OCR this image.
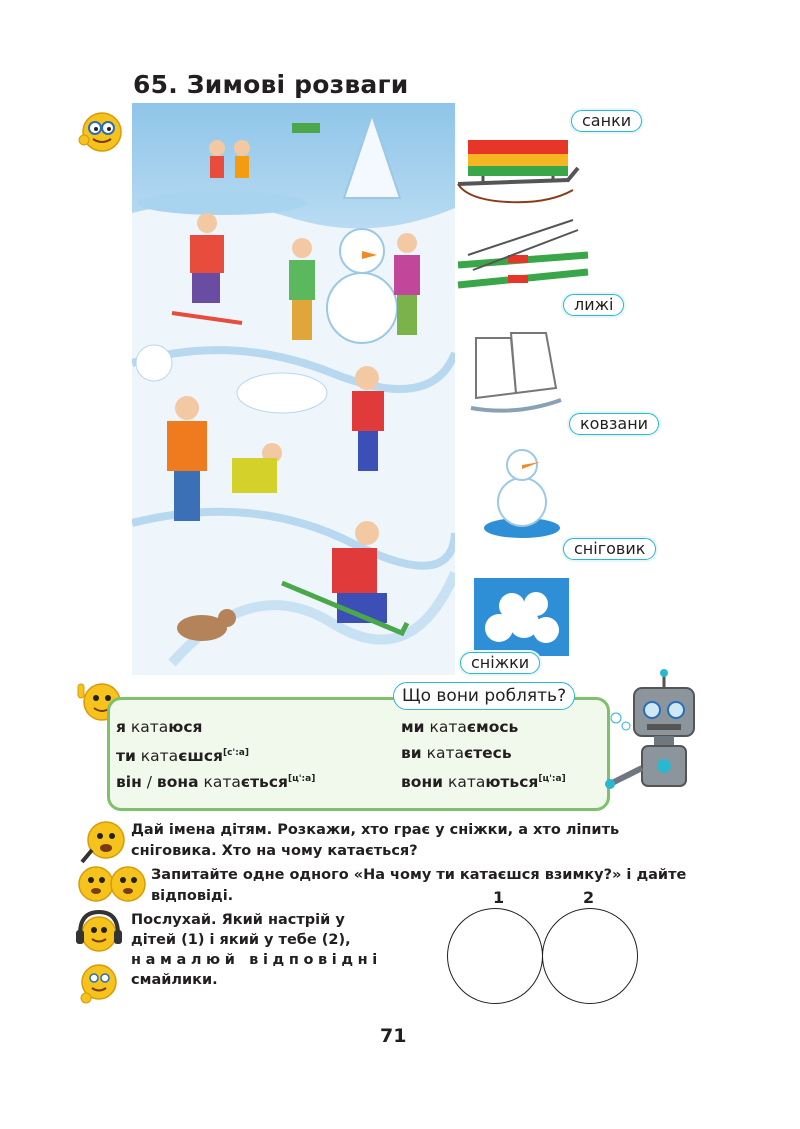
65. Зимові розваги
санки
лижі
ковзани
сніговик
сніжки
я катаюся
ти катаєшся[с':а]
він / вона катається[ц':а]
ми катаємось
ви катаєтесь
вони катаються[ц':а]
Що вони роблять?
Дай імена дітям. Розкажи, хто грає у сніжки, а хто ліпить
сніговика. Хто на чому катається?
Запитайте одне одного «На чому ти катаєшся взимку?» і дайте
відповіді.
Послухай. Який настрій у
дітей (1) і який у тебе (2),
намалюй відповідні
смайлики.
1	2
71
